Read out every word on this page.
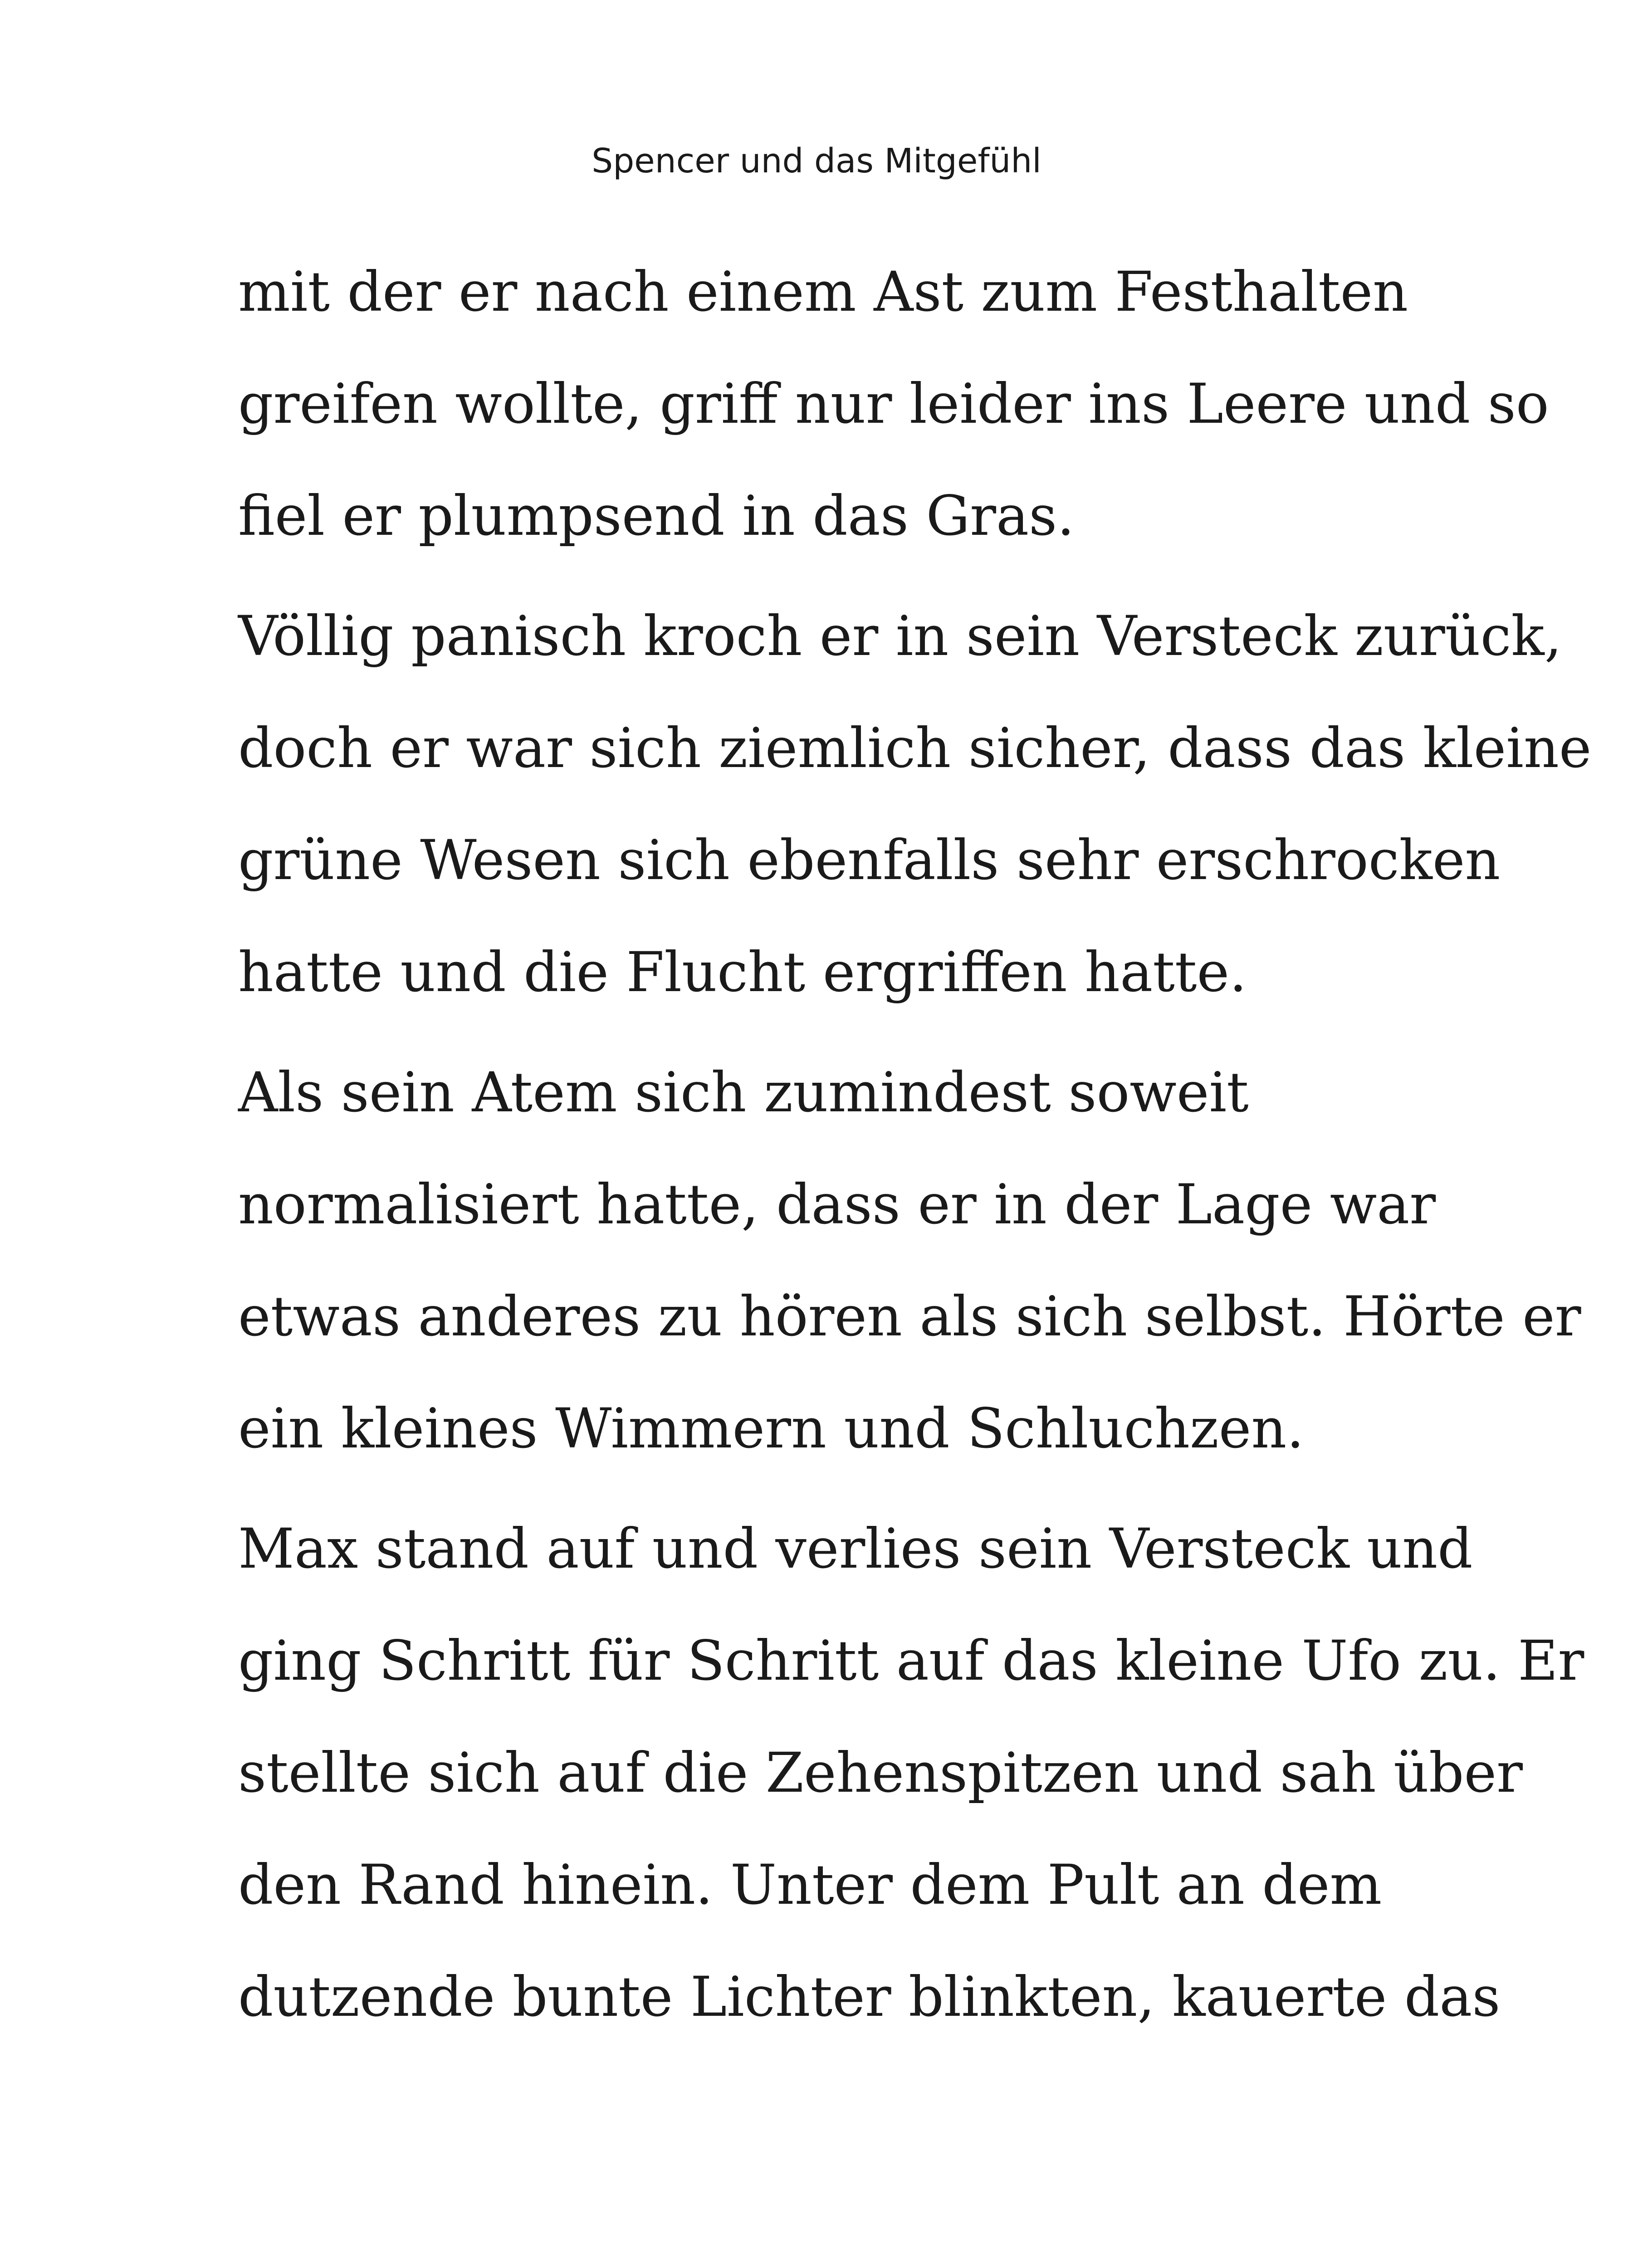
Spencer und das Mitgefühl
mit der er nach einem Ast zum Festhalten
greifen wollte, griff nur leider ins Leere und so
fiel er plumpsend in das Gras.
Völlig panisch kroch er in sein Versteck zurück,
doch er war sich ziemlich sicher, dass das kleine
grüne Wesen sich ebenfalls sehr erschrocken
hatte und die Flucht ergriffen hatte.
Als sein Atem sich zumindest soweit
normalisiert hatte, dass er in der Lage war
etwas anderes zu hören als sich selbst. Hörte er
ein kleines Wimmern und Schluchzen.
Max stand auf und verlies sein Versteck und
ging Schritt für Schritt auf das kleine Ufo zu. Er
stellte sich auf die Zehenspitzen und sah über
den Rand hinein. Unter dem Pult an dem
dutzende bunte Lichter blinkten, kauerte das
